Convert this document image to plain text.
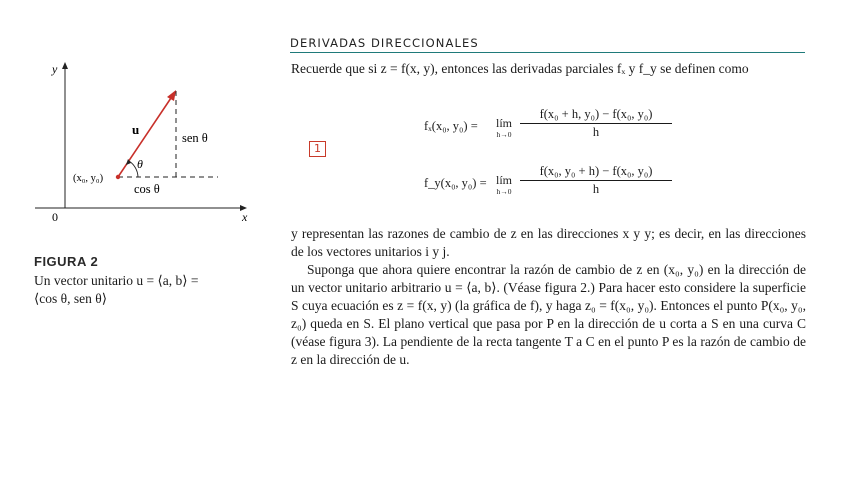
y
x
0
u
sen θ
cos θ
θ
(x₀, y₀)
FIGURA 2
Un vector unitario u = ⟨a, b⟩ =
⟨cos θ, sen θ⟩
DERIVADAS DIRECCIONALES
Recuerde que si z = f(x, y), entonces las derivadas parciales fₓ y f_y se definen como
1
fₓ(x₀, y₀) = lím
$h\to 0 \frac{\text{f(x₀ + h, y₀) − f(x₀, y₀)}}{h}$
f_y(x₀, y₀) = lím
$h\to 0 \frac{\text{f(x₀, y₀ + h) − f(x₀, y₀)}}{h}$
y representan las razones de cambio de z en las direcciones x y y; es decir, en las direcciones de los vectores unitarios i y j.
Suponga que ahora quiere encontrar la razón de cambio de z en (x₀, y₀) en la dirección de un vector unitario arbitrario u = ⟨a, b⟩. (Véase figura 2.) Para hacer esto considere la superficie S cuya ecuación es z = f(x, y) (la gráfica de f), y haga z₀ = f(x₀, y₀). Entonces el punto P(x₀, y₀, z₀) queda en S. El plano vertical que pasa por P en la dirección de u corta a S en una curva C (véase figura 3). La pendiente de la recta tangente T a C en el punto P es la razón de cambio de z en la dirección de u.
